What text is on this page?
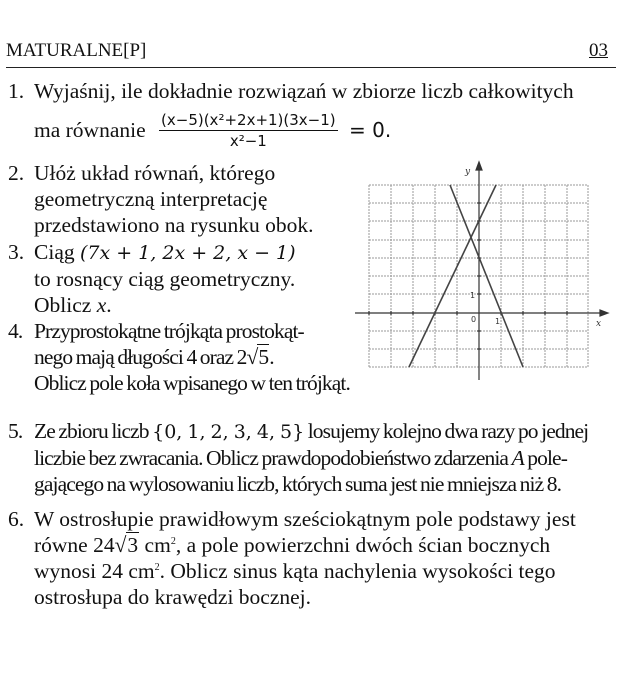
MATURALNE[P]	03
1. Wyjaśnij, ile dokładnie rozwiązań w zbiorze liczb całkowitych
ma równanie $\frac{\text{(x−5)(x²+2x+1)(3x−1)}}{\text{x²−1}} = 0$.
2. Ułóż układ równań, którego
geometryczną interpretację
przedstawiono na rysunku obok.
3. Ciąg (7x + 1, 2x + 2, x − 1)
to rosnący ciąg geometryczny.
Oblicz x.
4. Przyprostokątne trójkąta prostokąt-
nego mają długości 4 oraz 2√5.
Oblicz pole koła wpisanego w ten trójkąt.
5. Ze zbioru liczb {0, 1, 2, 3, 4, 5} losujemy kolejno dwa razy po jednej
liczbie bez zwracania. Oblicz prawdopodobieństwo zdarzenia A pole-
gającego na wylosowaniu liczb, których suma jest nie mniejsza niż 8.
6. W ostrosłupie prawidłowym sześciokątnym pole podstawy jest
równe 24√3 $cm^2$, a pole powierzchni dwóch ścian bocznych
wynosi 24 $cm^2$. Oblicz sinus kąta nachylenia wysokości tego
ostrosłupa do krawędzi bocznej.
y
x
0 1
1
